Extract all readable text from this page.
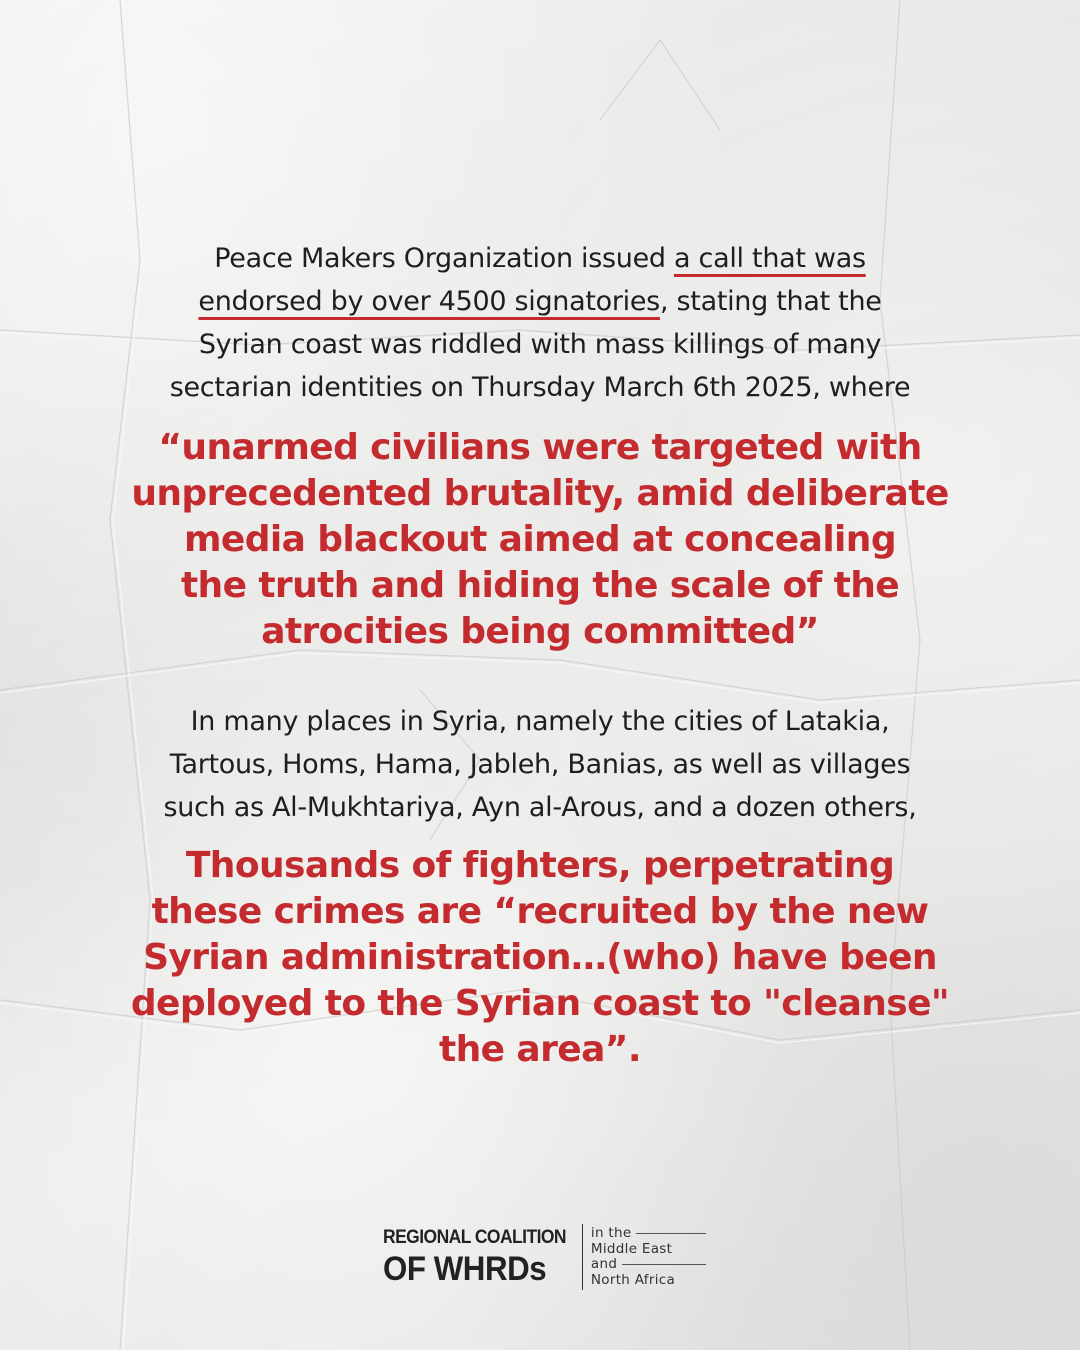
Peace Makers Organization issued a call that was
endorsed by over 4500 signatories, stating that the
Syrian coast was riddled with mass killings of many
sectarian identities on Thursday March 6th 2025, where
“unarmed civilians were targeted with
unprecedented brutality, amid deliberate
media blackout aimed at concealing
the truth and hiding the scale of the
atrocities being committed”
In many places in Syria, namely the cities of Latakia,
Tartous, Homs, Hama, Jableh, Banias, as well as villages
such as Al-Mukhtariya, Ayn al-Arous, and a dozen others,
Thousands of fighters, perpetrating
these crimes are “recruited by the new
Syrian administration…(who) have been
deployed to the Syrian coast to "cleanse"
the area”.
REGIONAL COALITION
OF WHRDs
in the
Middle East
and
North Africa
